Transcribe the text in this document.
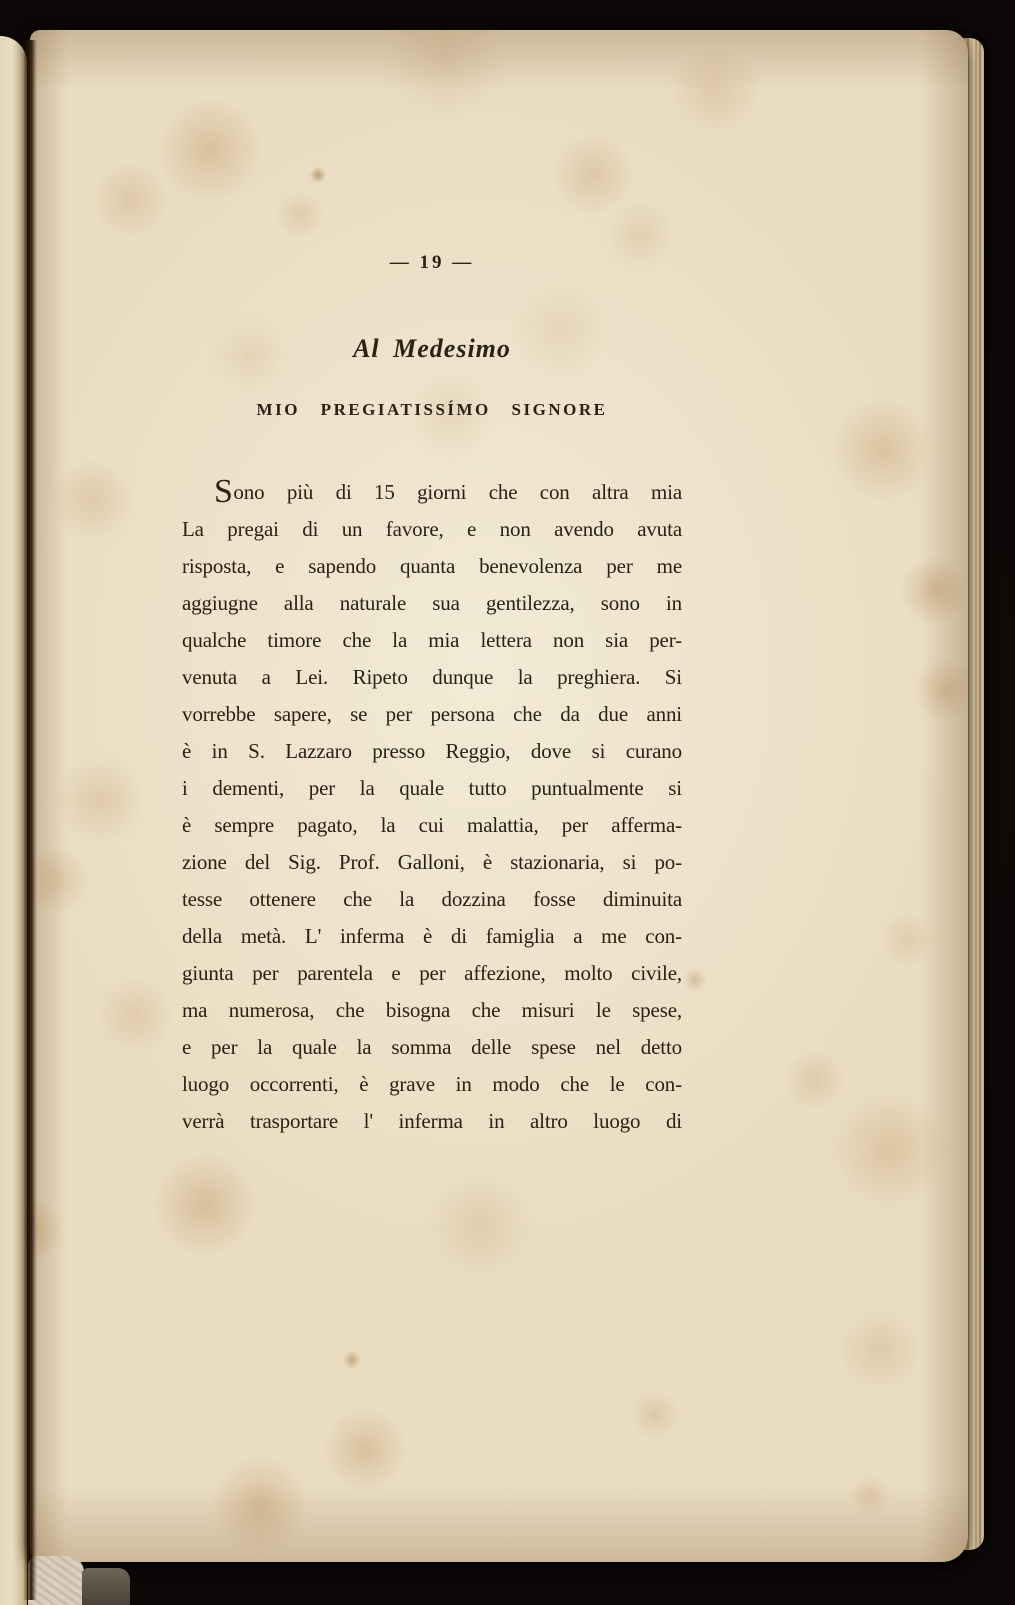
— 19 —
Al Medesimo
MIO PREGIATISSÍMO SIGNORE
Sono più di 15 giorni che con altra mia
La pregai di un favore, e non avendo avuta
risposta, e sapendo quanta benevolenza per me
aggiugne alla naturale sua gentilezza, sono in
qualche timore che la mia lettera non sia per-
venuta a Lei. Ripeto dunque la preghiera. Si
vorrebbe sapere, se per persona che da due anni
è in S. Lazzaro presso Reggio, dove si curano
i dementi, per la quale tutto puntualmente si
è sempre pagato, la cui malattia, per afferma-
zione del Sig. Prof. Galloni, è stazionaria, si po-
tesse ottenere che la dozzina fosse diminuita
della metà. L' inferma è di famiglia a me con-
giunta per parentela e per affezione, molto civile,
ma numerosa, che bisogna che misuri le spese,
e per la quale la somma delle spese nel detto
luogo occorrenti, è grave in modo che le con-
verrà trasportare l' inferma in altro luogo di
